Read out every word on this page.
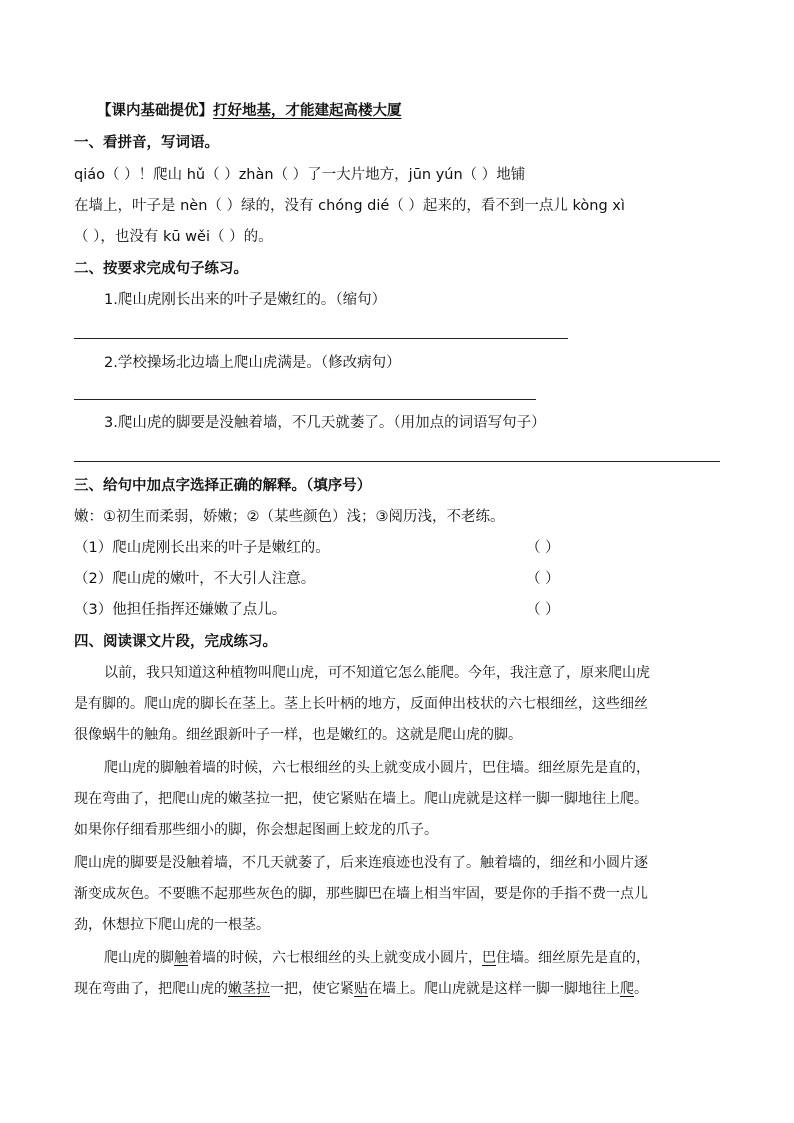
【课内基础提优】打好地基，才能建起高楼大厦
一、看拼音，写词语。
qiáo（ ）！爬山 hǔ（ ）zhàn（ ）了一大片地方，jūn yún（ ）地铺
在墙上，叶子是 nèn（ ）绿的，没有 chóng dié（ ）起来的，看不到一点儿 kòng xì
（ ），也没有 kū wěi（ ）的。
二、按要求完成句子练习。
1.爬山虎刚长出来的叶子是嫩红的。（缩句）
2.学校操场北边墙上爬山虎满是。（修改病句）
3.爬山虎的脚要是没触着墙，不几天就萎了。（用加点的词语写句子）
三、给句中加点字选择正确的解释。（填序号）
嫩：①初生而柔弱，娇嫩；②（某些颜色）浅；③阅历浅，不老练。
（1）爬山虎刚长出来的叶子是嫩红的。	（ ）
（2）爬山虎的嫩叶，不大引人注意。	（ ）
（3）他担任指挥还嫌嫩了点儿。	（ ）
四、阅读课文片段，完成练习。
以前，我只知道这种植物叫爬山虎，可不知道它怎么能爬。今年，我注意了，原来爬山虎
是有脚的。爬山虎的脚长在茎上。茎上长叶柄的地方，反面伸出枝状的六七根细丝，这些细丝
很像蜗牛的触角。细丝跟新叶子一样，也是嫩红的。这就是爬山虎的脚。
爬山虎的脚触着墙的时候，六七根细丝的头上就变成小圆片，巴住墙。细丝原先是直的，
现在弯曲了，把爬山虎的嫩茎拉一把，使它紧贴在墙上。爬山虎就是这样一脚一脚地往上爬。
如果你仔细看那些细小的脚，你会想起图画上蛟龙的爪子。
爬山虎的脚要是没触着墙，不几天就萎了，后来连痕迹也没有了。触着墙的，细丝和小圆片逐
渐变成灰色。不要瞧不起那些灰色的脚，那些脚巴在墙上相当牢固，要是你的手指不费一点儿
劲，休想拉下爬山虎的一根茎。
爬山虎的脚触着墙的时候，六七根细丝的头上就变成小圆片，巴住墙。细丝原先是直的，
现在弯曲了，把爬山虎的嫩茎拉一把，使它紧贴在墙上。爬山虎就是这样一脚一脚地往上爬。
